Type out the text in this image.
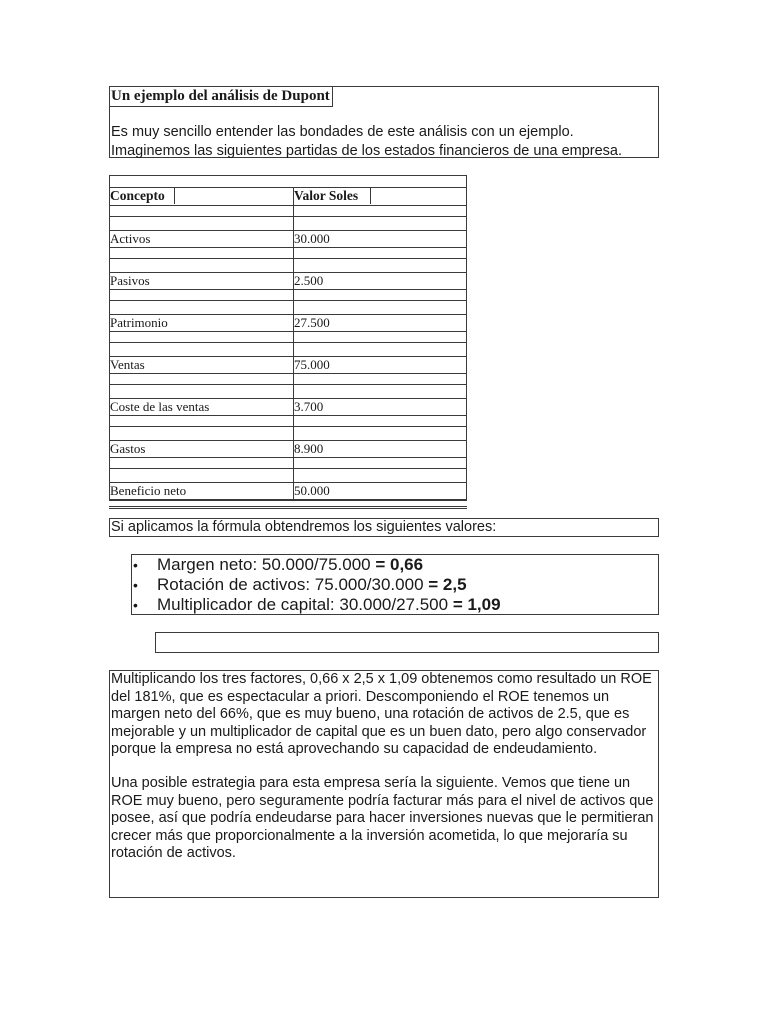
Un ejemplo del análisis de Dupont
Es muy sencillo entender las bondades de este análisis con un ejemplo. Imaginemos las siguientes partidas de los estados financieros de una empresa.
Concepto	Valor Soles
Activos	30.000
Pasivos	2.500
Patrimonio	27.500
Ventas	75.000
Coste de las ventas	3.700
Gastos	8.900
Beneficio neto	50.000
Si aplicamos la fórmula obtendremos los siguientes valores:
• Margen neto: 50.000/75.000 = 0,66
• Rotación de activos: 75.000/30.000 = 2,5
• Multiplicador de capital: 30.000/27.500 = 1,09

Multiplicando los tres factores, 0,66 x 2,5 x 1,09 obtenemos como resultado un ROE del 181%, que es espectacular a priori. Descomponiendo el ROE tenemos un margen neto del 66%, que es muy bueno, una rotación de activos de 2.5, que es mejorable y un multiplicador de capital que es un buen dato, pero algo conservador porque la empresa no está aprovechando su capacidad de endeudamiento.

Una posible estrategia para esta empresa sería la siguiente. Vemos que tiene un ROE muy bueno, pero seguramente podría facturar más para el nivel de activos que posee, así que podría endeudarse para hacer inversiones nuevas que le permitieran crecer más que proporcionalmente a la inversión acometida, lo que mejoraría su rotación de activos.
